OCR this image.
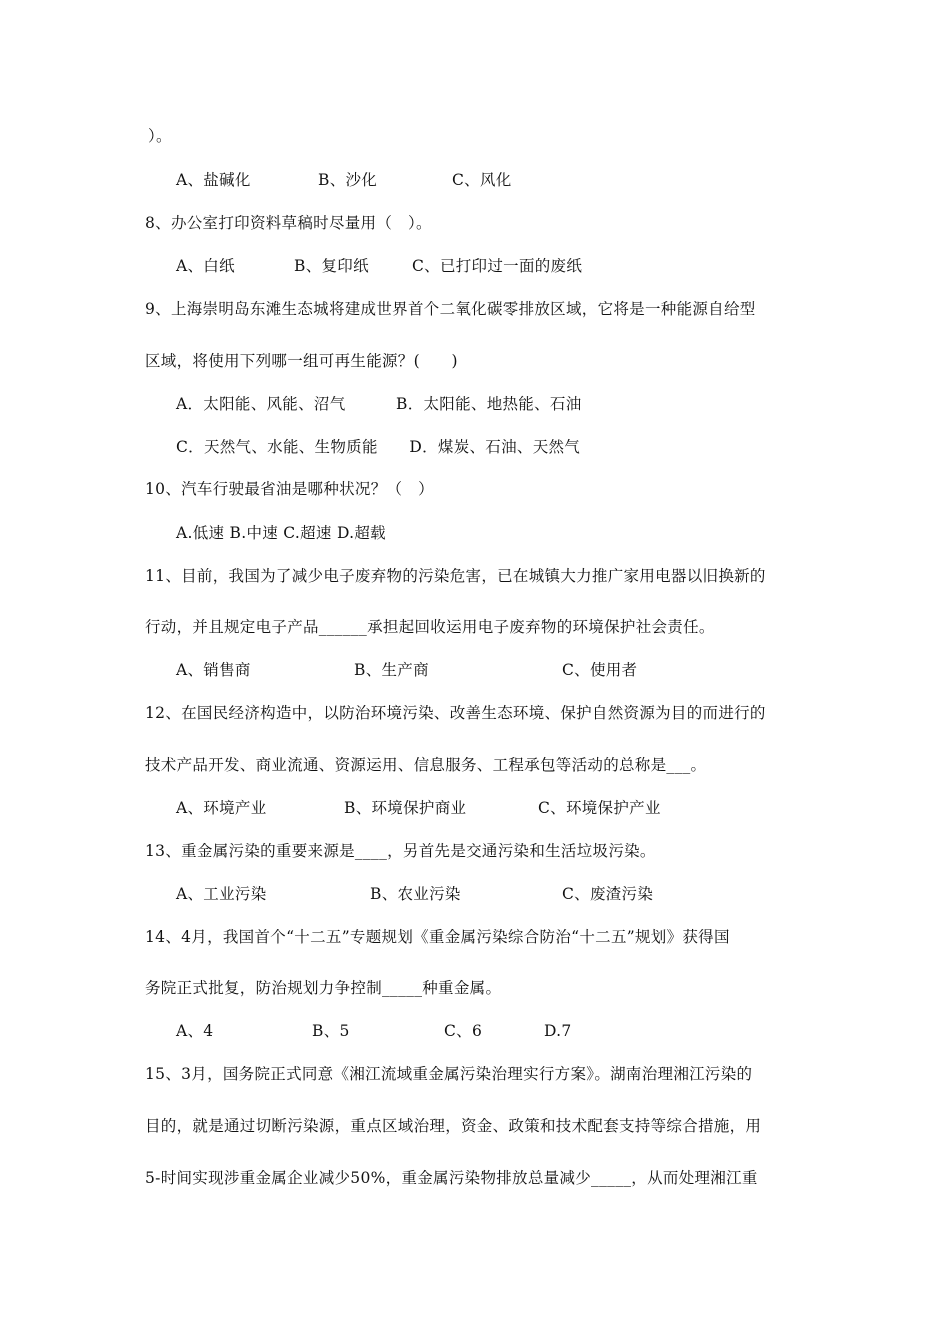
）。
A、盐碱化	B、沙化	C、风化
8、办公室打印资料草稿时尽量用（　）。
A、白纸	B、复印纸	C、已打印过一面的废纸
9、上海崇明岛东滩生态城将建成世界首个二氧化碳零排放区域，它将是一种能源自给型
区域，将使用下列哪一组可再生能源？(　　)
A．太阳能、风能、沼气	B．太阳能、地热能、石油
C．天然气、水能、生物质能　　D．煤炭、石油、天然气
10、汽车行驶最省油是哪种状况？（　）
A.低速 B.中速 C.超速 D.超载
11、目前，我国为了减少电子废弃物的污染危害，已在城镇大力推广家用电器以旧换新的
行动，并且规定电子产品______承担起回收运用电子废弃物的环境保护社会责任。
A、销售商	B、生产商	C、使用者
12、在国民经济构造中，以防治环境污染、改善生态环境、保护自然资源为目的而进行的
技术产品开发、商业流通、资源运用、信息服务、工程承包等活动的总称是___。
A、环境产业	B、环境保护商业	C、环境保护产业
13、重金属污染的重要来源是____，另首先是交通污染和生活垃圾污染。
A、工业污染	B、农业污染	C、废渣污染
14、4月，我国首个“十二五”专题规划《重金属污染综合防治“十二五”规划》获得国
务院正式批复，防治规划力争控制_____种重金属。
A、4	B、5	C、6	D.7
15、3月，国务院正式同意《湘江流域重金属污染治理实行方案》。湖南治理湘江污染的
目的，就是通过切断污染源，重点区域治理，资金、政策和技术配套支持等综合措施，用
5-时间实现涉重金属企业减少50%，重金属污染物排放总量减少_____，从而处理湘江重
